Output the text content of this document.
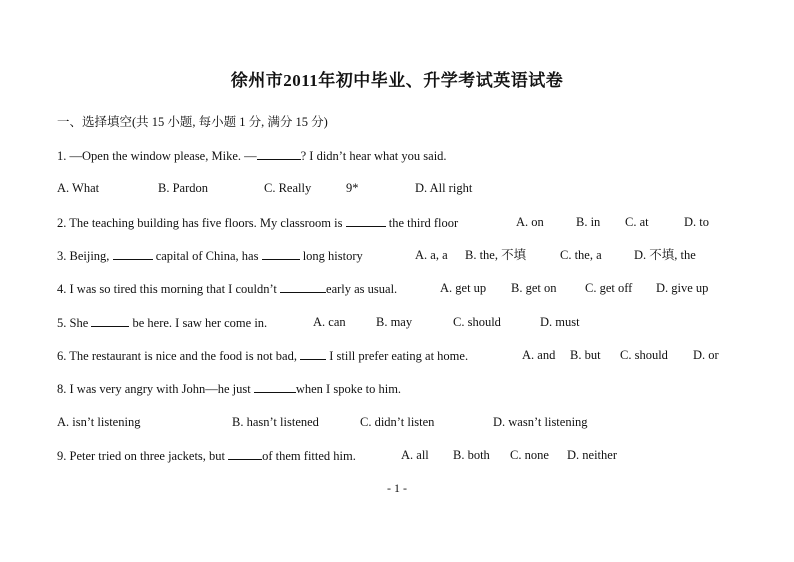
徐州市2011年初中毕业、升学考试英语试卷
一、选择填空(共 15 小题, 每小题 1 分, 满分 15 分)
1. —Open the window please, Mike. —	? I didn’t hear what you said.
A. What	B. Pardon	C. Really	9*	D. All right
2. The teaching building has five floors. My classroom is	the third floor	A. on	B. in C. at	D. to
3. Beijing,	capital of China, has	long history	A. a, a B. the, 不填	C. the, a	D. 不填, the
4. I was so tired this morning that I couldn’t	early as usual.	A. get up B. get on C. get off D. give up
5. She	be here. I saw her come in.	A. can B. may	C. should	D. must
6. The restaurant is nice and the food is not bad,  I still prefer eating at home.	A. and B. but C. should D. or
8. I was very angry with John—he just	when I spoke to him.
A. isn’t listening	B. hasn’t listened	C. didn’t listen	D. wasn’t listening
9. Peter tried on three jackets, but	of them fitted him.	A. all B. both C. none D. neither
- 1 -
